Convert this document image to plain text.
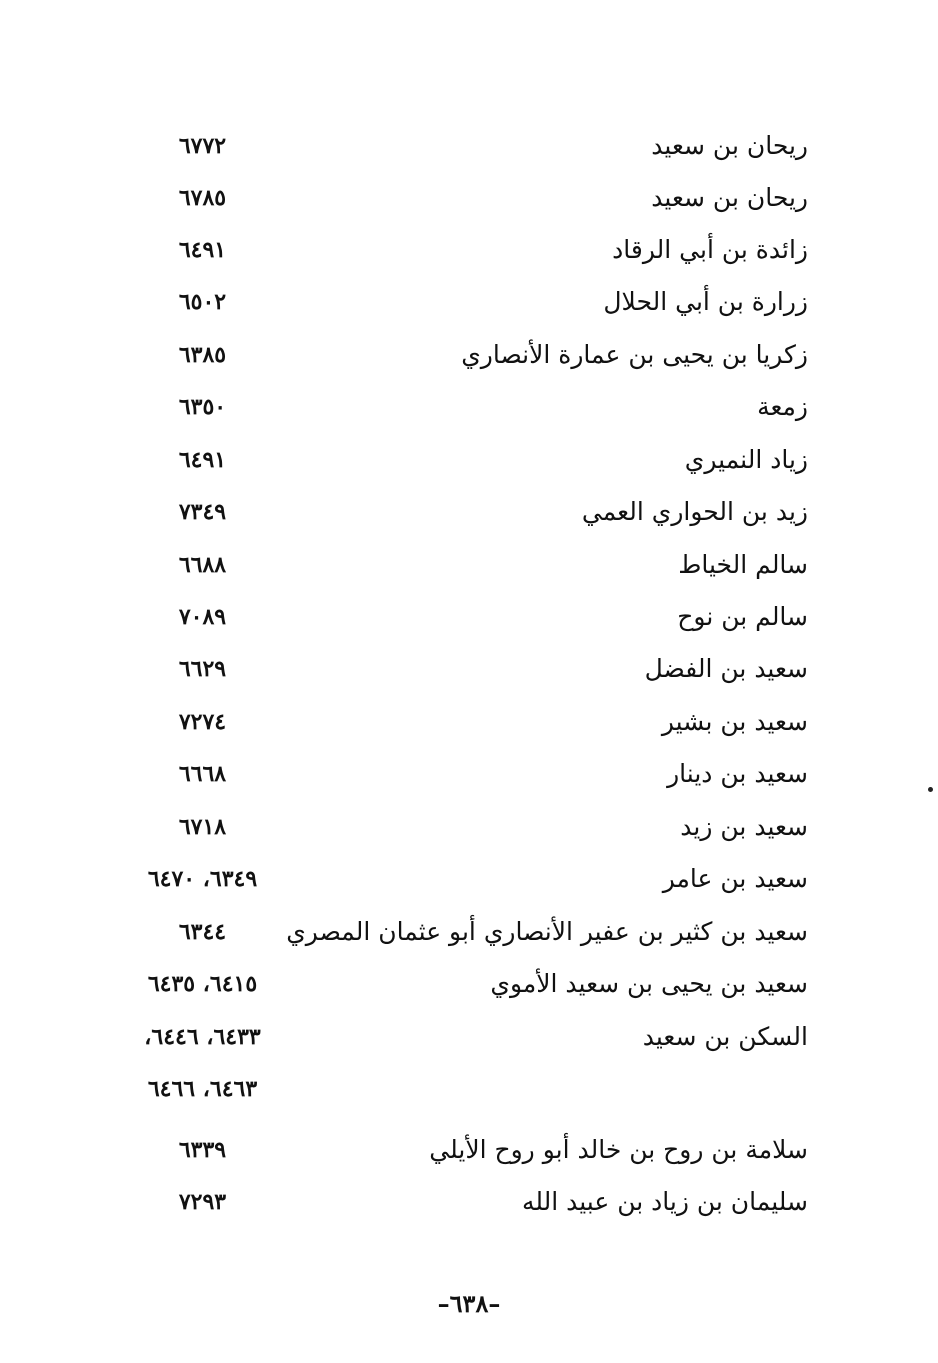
ريحان بن سعيد
٦٧٧٢
ريحان بن سعيد
٦٧٨٥
زائدة بن أبي الرقاد
٦٤٩١
زرارة بن أبي الحلال
٦٥٠٢
زكريا بن يحيى بن عمارة الأنصاري
٦٣٨٥
زمعة
٦٣٥٠
زياد النميري
٦٤٩١
زيد بن الحواري العمي
٧٣٤٩
سالم الخياط
٦٦٨٨
سالم بن نوح
٧٠٨٩
سعيد بن الفضل
٦٦٢٩
سعيد بن بشير
٧٢٧٤
سعيد بن دينار
٦٦٦٨
سعيد بن زيد
٦٧١٨
سعيد بن عامر
٦٣٤٩، ٦٤٧٠
سعيد بن كثير بن عفير الأنصاري أبو عثمان المصري
٦٣٤٤
سعيد بن يحيى بن سعيد الأموي
٦٤١٥، ٦٤٣٥
السكن بن سعيد
٦٤٣٣، ٦٤٤٦،
٦٤٦٣، ٦٤٦٦
سلامة بن روح بن خالد أبو روح الأيلي
٦٣٣٩
سليمان بن زياد بن عبيد الله
٧٢٩٣
–٦٣٨–
